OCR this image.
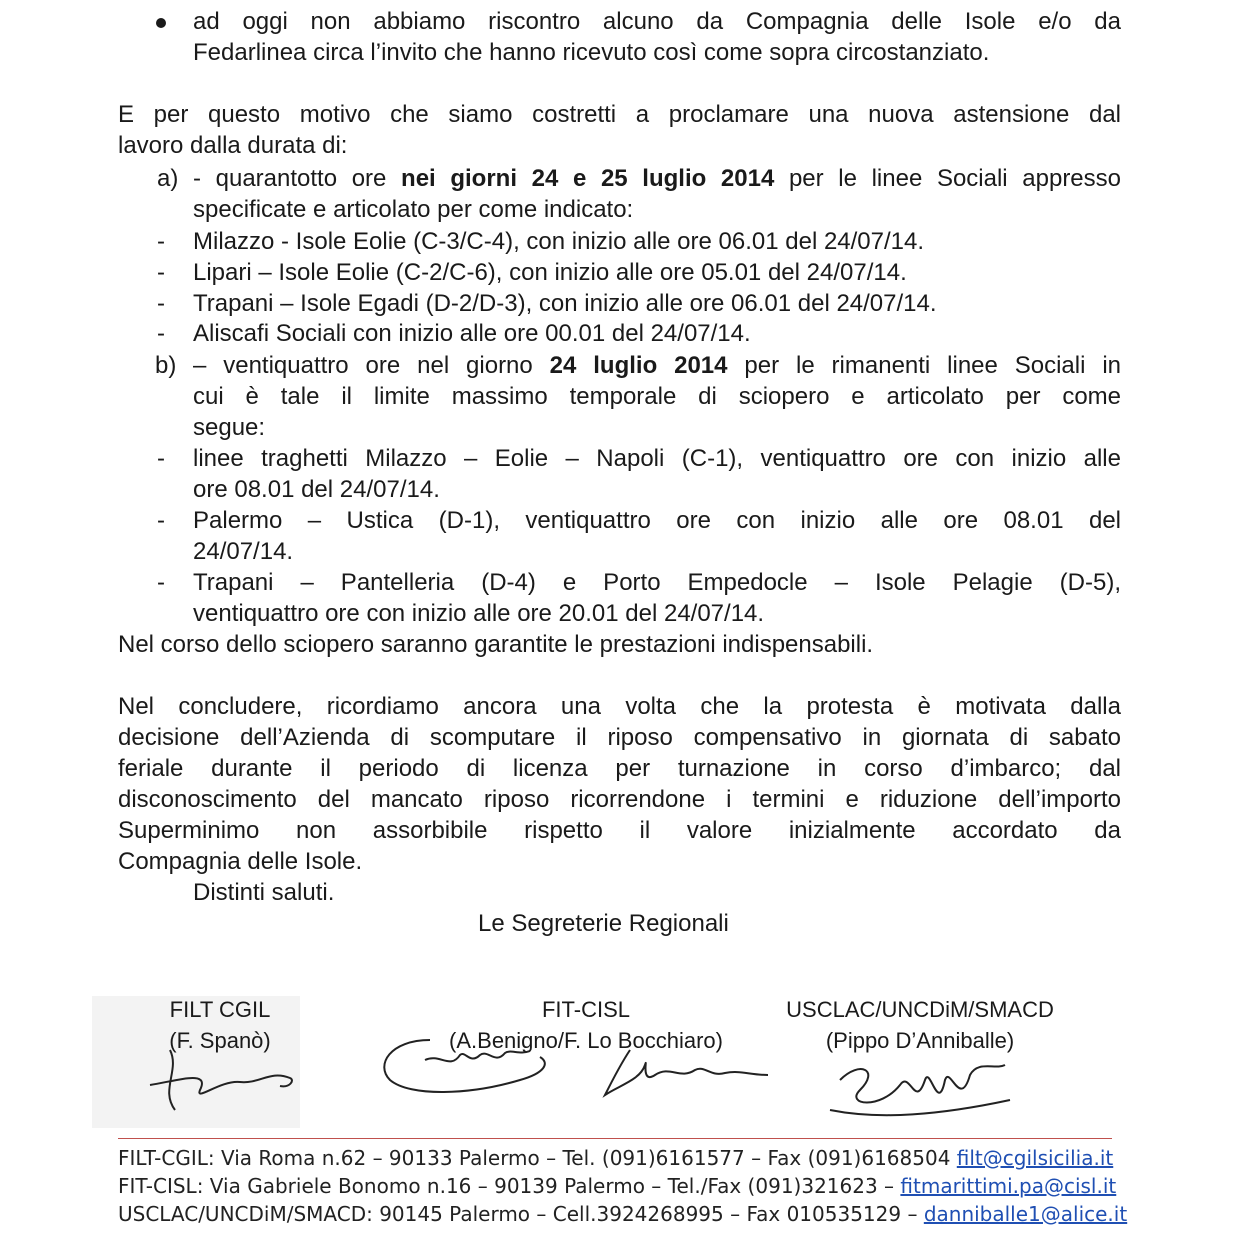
ad oggi non abbiamo riscontro alcuno da Compagnia delle Isole e/o da
Fedarlinea circa l’invito che hanno ricevuto così come sopra circostanziato.
E per questo motivo che siamo costretti a proclamare una nuova astensione dal
lavoro dalla durata di:
a) - quarantotto ore nei giorni 24 e 25 luglio 2014 per le linee Sociali appresso
specificate e articolato per come indicato:
- Milazzo - Isole Eolie (C-3/C-4), con inizio alle ore 06.01 del 24/07/14.
- Lipari – Isole Eolie (C-2/C-6), con inizio alle ore 05.01 del 24/07/14.
- Trapani – Isole Egadi (D-2/D-3), con inizio alle ore 06.01 del 24/07/14.
- Aliscafi Sociali con inizio alle ore 00.01 del 24/07/14.
b) – ventiquattro ore nel giorno 24 luglio 2014 per le rimanenti linee Sociali in
cui è tale il limite massimo temporale di sciopero e articolato per come
segue:
- linee traghetti Milazzo – Eolie – Napoli (C-1), ventiquattro ore con inizio alle
ore 08.01 del 24/07/14.
- Palermo – Ustica (D-1), ventiquattro ore con inizio alle ore 08.01 del
24/07/14.
- Trapani – Pantelleria (D-4) e Porto Empedocle – Isole Pelagie (D-5),
ventiquattro ore con inizio alle ore 20.01 del 24/07/14.
Nel corso dello sciopero saranno garantite le prestazioni indispensabili.
Nel concludere, ricordiamo ancora una volta che la protesta è motivata dalla
decisione dell’Azienda di scomputare il riposo compensativo in giornata di sabato
feriale durante il periodo di licenza per turnazione in corso d’imbarco; dal
disconoscimento del mancato riposo ricorrendone i termini e riduzione dell’importo
Superminimo non assorbibile rispetto il valore inizialmente accordato da
Compagnia delle Isole.
Distinti saluti.
Le Segreterie Regionali
FILT CGIL
(F. Spanò)
FIT-CISL
(A.Benigno/F. Lo Bocchiaro)
USCLAC/UNCDiM/SMACD
(Pippo D’Anniballe)
FILT-CGIL: Via Roma n.62 – 90133 Palermo – Tel. (091)6161577 – Fax (091)6168504 filt@cgilsicilia.it
FIT-CISL: Via Gabriele Bonomo n.16 – 90139 Palermo – Tel./Fax (091)321623 – fitmarittimi.pa@cisl.it
USCLAC/UNCDiM/SMACD: 90145 Palermo – Cell.3924268995 – Fax 010535129 – danniballe1@alice.it
